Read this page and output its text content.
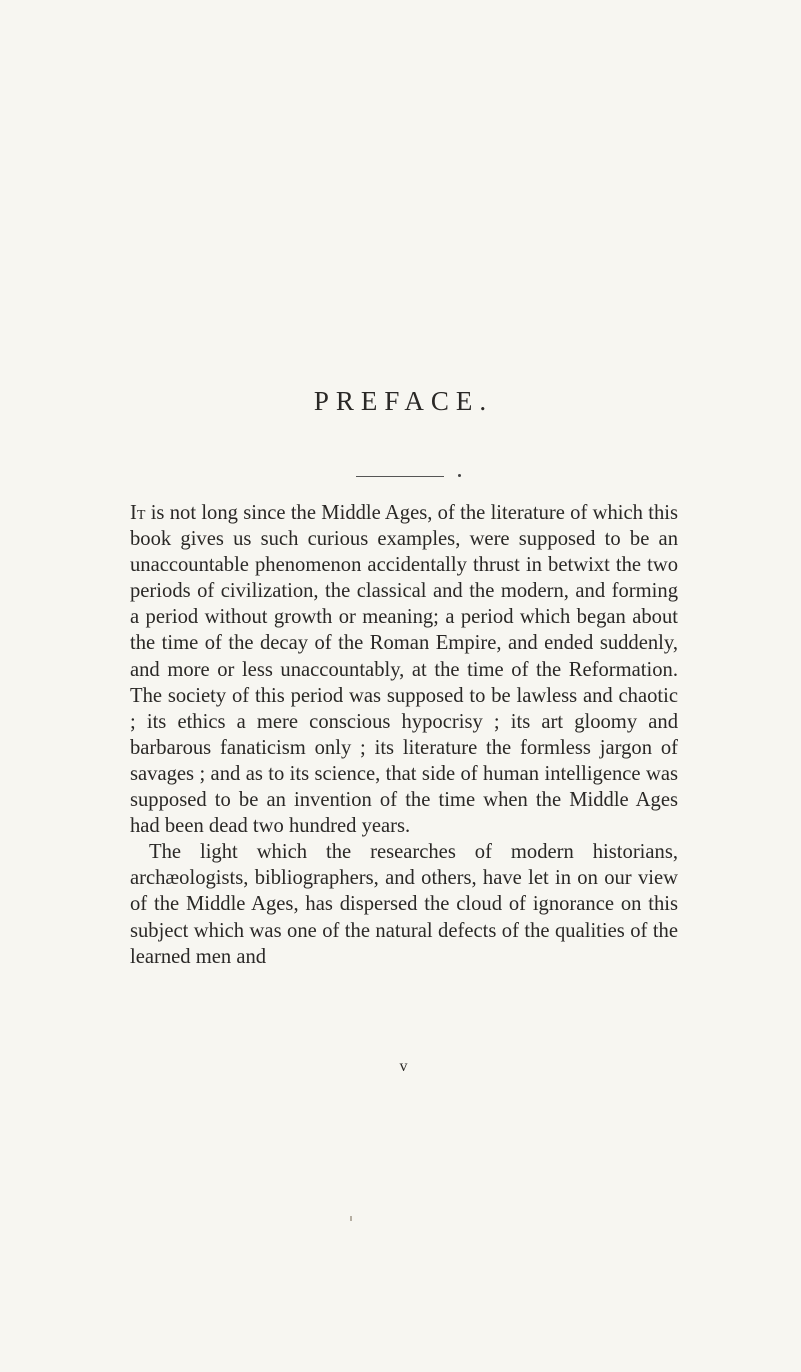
PREFACE.

It is not long since the Middle Ages, of the literature of which this book gives us such curious examples, were supposed to be an unaccountable phenomenon accidentally thrust in betwixt the two periods of civilization, the classical and the modern, and forming a period without growth or meaning; a period which began about the time of the decay of the Roman Empire, and ended suddenly, and more or less unaccountably, at the time of the Reformation. The society of this period was supposed to be lawless and chaotic ; its ethics a mere conscious hypocrisy ; its art gloomy and barbarous fanaticism only ; its literature the formless jargon of savages ; and as to its science, that side of human intelligence was supposed to be an invention of the time when the Middle Ages had been dead two hundred years.

The light which the researches of modern historians, archæologists, bibliographers, and others, have let in on our view of the Middle Ages, has dispersed the cloud of ignorance on this subject which was one of the natural defects of the qualities of the learned men and

v
